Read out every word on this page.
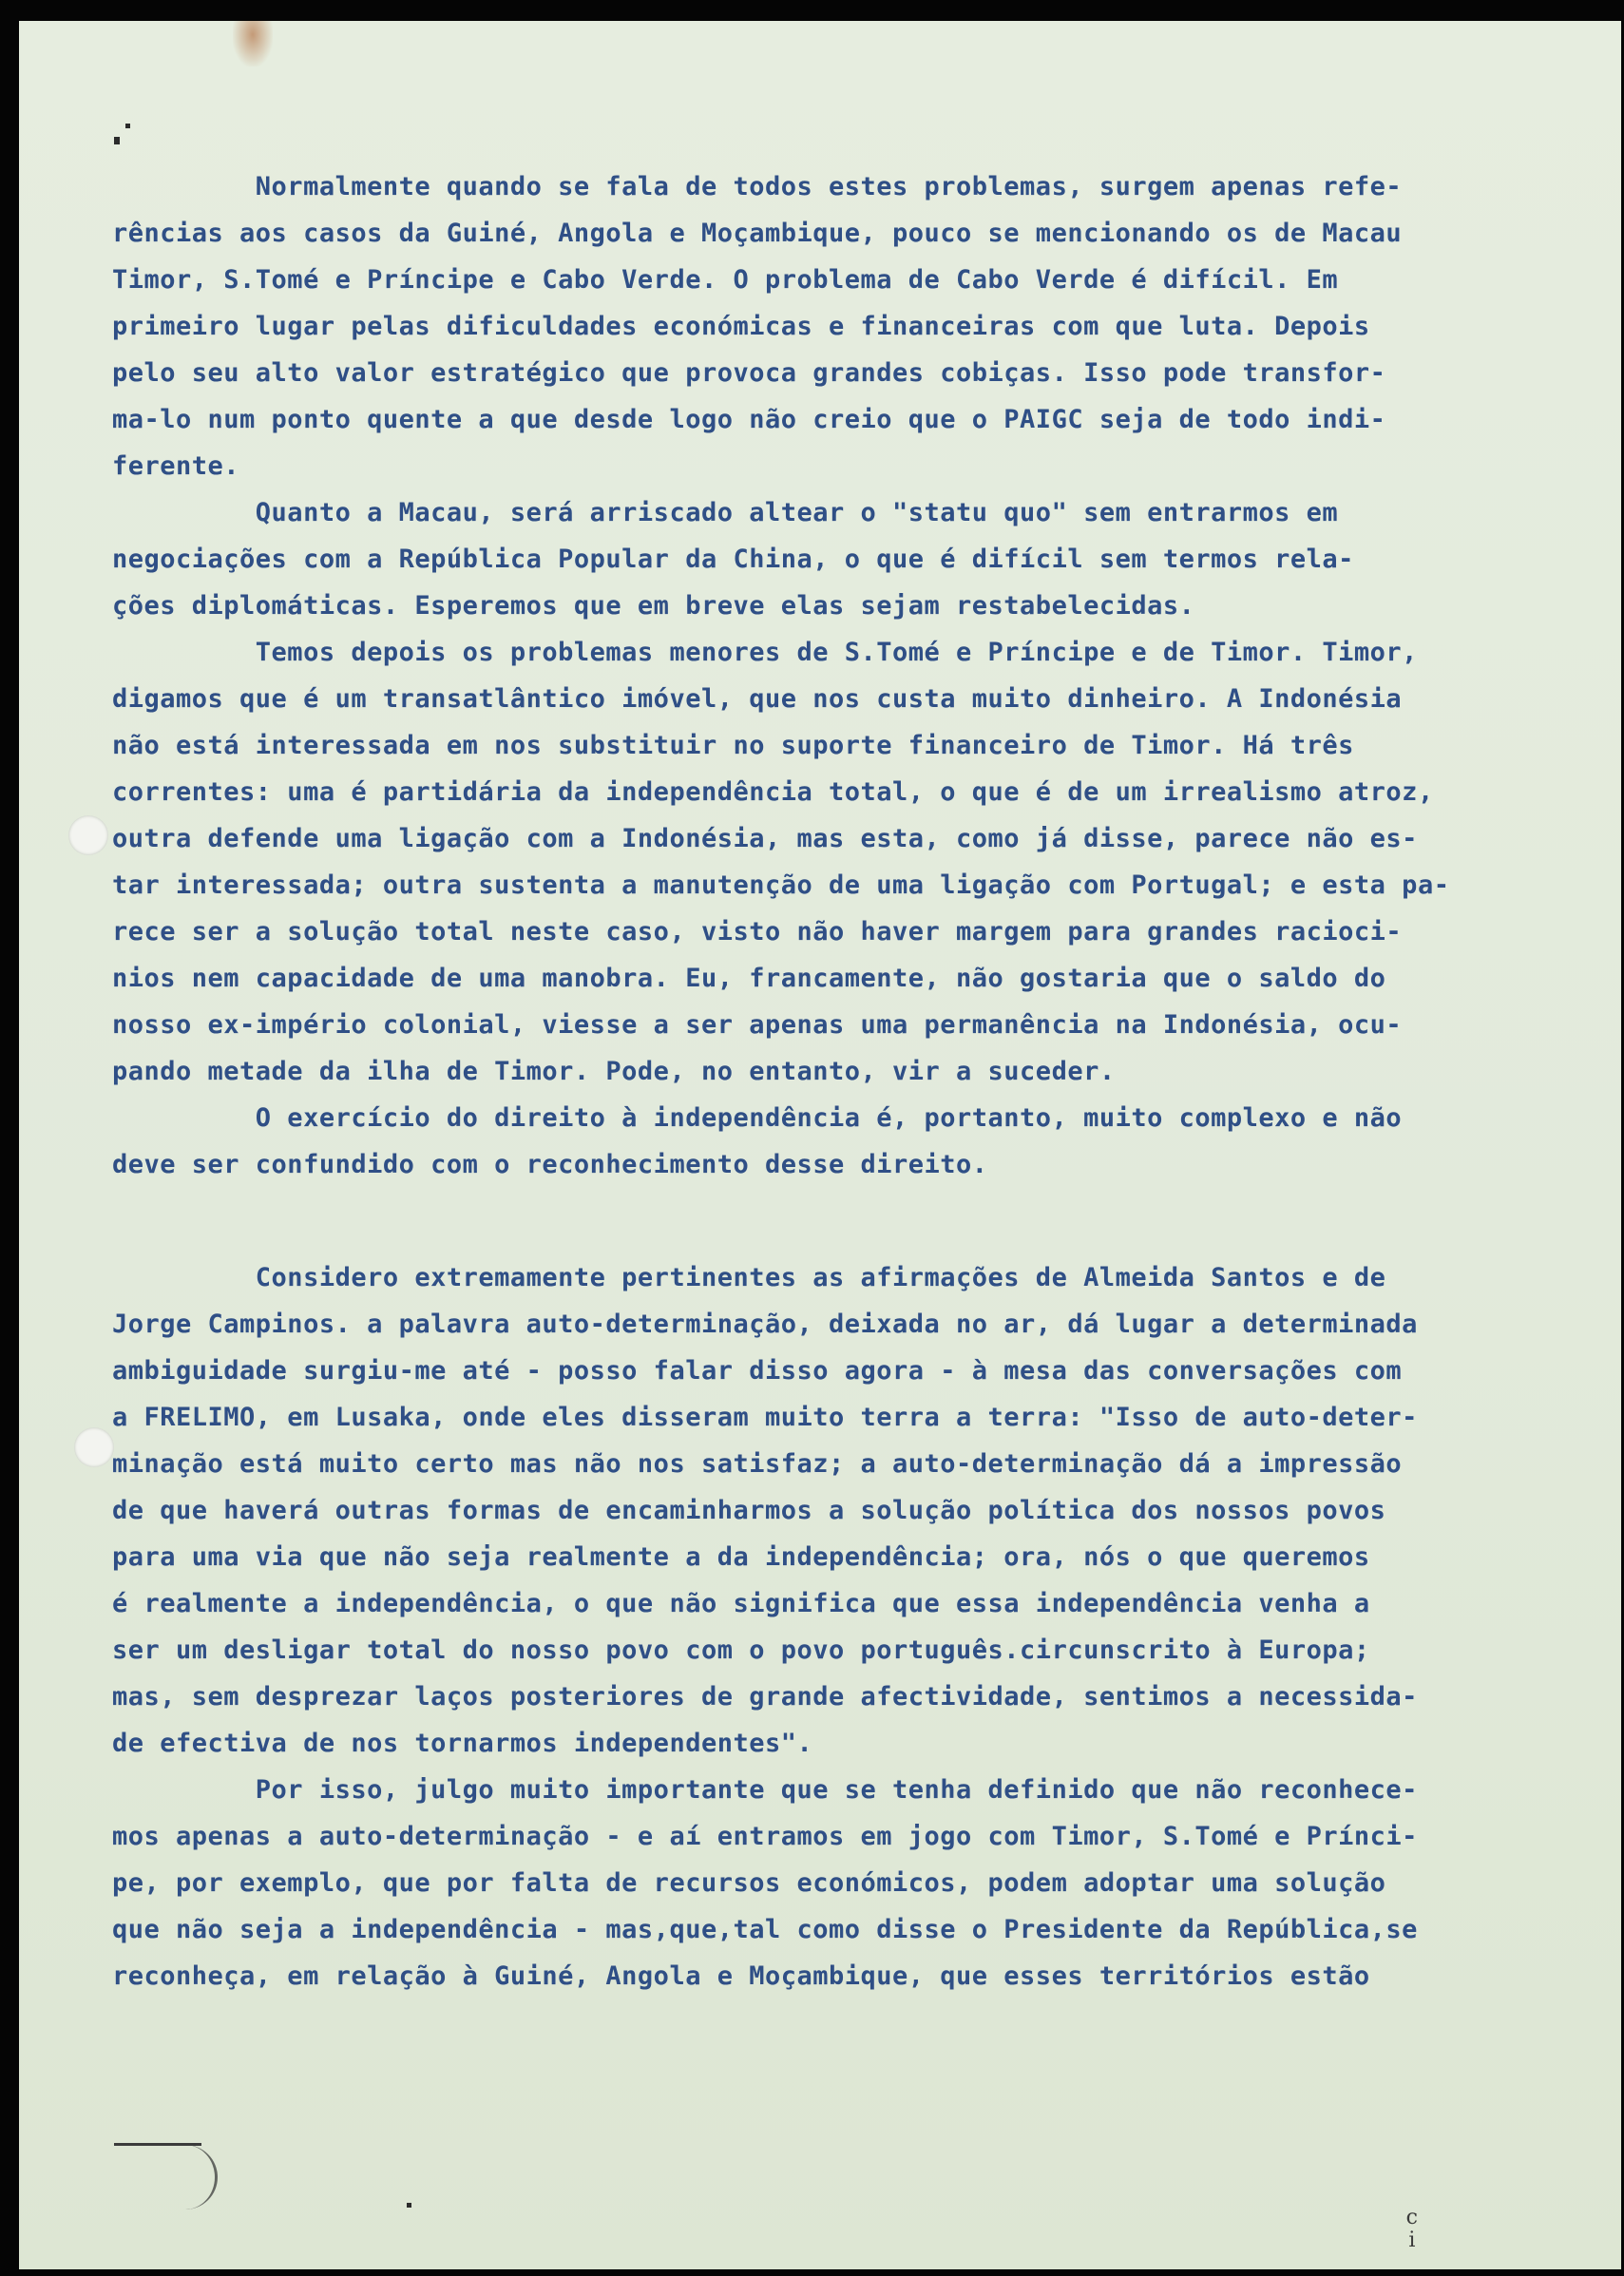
Normalmente quando se fala de todos estes problemas, surgem apenas refe-
rências aos casos da Guiné, Angola e Moçambique, pouco se mencionando os de Macau
Timor, S.Tomé e Príncipe e Cabo Verde. O problema de Cabo Verde é difícil. Em
primeiro lugar pelas dificuldades económicas e financeiras com que luta. Depois
pelo seu alto valor estratégico que provoca grandes cobiças. Isso pode transfor-
ma-lo num ponto quente a que desde logo não creio que o PAIGC seja de todo indi-
ferente.
Quanto a Macau, será arriscado altear o "statu quo" sem entrarmos em
negociações com a República Popular da China, o que é difícil sem termos rela-
ções diplomáticas. Esperemos que em breve elas sejam restabelecidas.
Temos depois os problemas menores de S.Tomé e Príncipe e de Timor. Timor,
digamos que é um transatlântico imóvel, que nos custa muito dinheiro. A Indonésia
não está interessada em nos substituir no suporte financeiro de Timor. Há três
correntes: uma é partidária da independência total, o que é de um irrealismo atroz,
outra defende uma ligação com a Indonésia, mas esta, como já disse, parece não es-
tar interessada; outra sustenta a manutenção de uma ligação com Portugal; e esta pa-
rece ser a solução total neste caso, visto não haver margem para grandes racioci-
nios nem capacidade de uma manobra. Eu, francamente, não gostaria que o saldo do
nosso ex-império colonial, viesse a ser apenas uma permanência na Indonésia, ocu-
pando metade da ilha de Timor. Pode, no entanto, vir a suceder.
O exercício do direito à independência é, portanto, muito complexo e não
deve ser confundido com o reconhecimento desse direito.
Considero extremamente pertinentes as afirmações de Almeida Santos e de
Jorge Campinos. a palavra auto-determinação, deixada no ar, dá lugar a determinada
ambiguidade surgiu-me até - posso falar disso agora - à mesa das conversações com
a FRELIMO, em Lusaka, onde eles disseram muito terra a terra: "Isso de auto-deter-
minação está muito certo mas não nos satisfaz; a auto-determinação dá a impressão
de que haverá outras formas de encaminharmos a solução política dos nossos povos
para uma via que não seja realmente a da independência; ora, nós o que queremos
é realmente a independência, o que não significa que essa independência venha a
ser um desligar total do nosso povo com o povo português.circunscrito à Europa;
mas, sem desprezar laços posteriores de grande afectividade, sentimos a necessida-
de efectiva de nos tornarmos independentes".
Por isso, julgo muito importante que se tenha definido que não reconhece-
mos apenas a auto-determinação - e aí entramos em jogo com Timor, S.Tomé e Prínci-
pe, por exemplo, que por falta de recursos económicos, podem adoptar uma solução
que não seja a independência - mas,que,tal como disse o Presidente da República,se
reconheça, em relação à Guiné, Angola e Moçambique, que esses territórios estão
c
i
